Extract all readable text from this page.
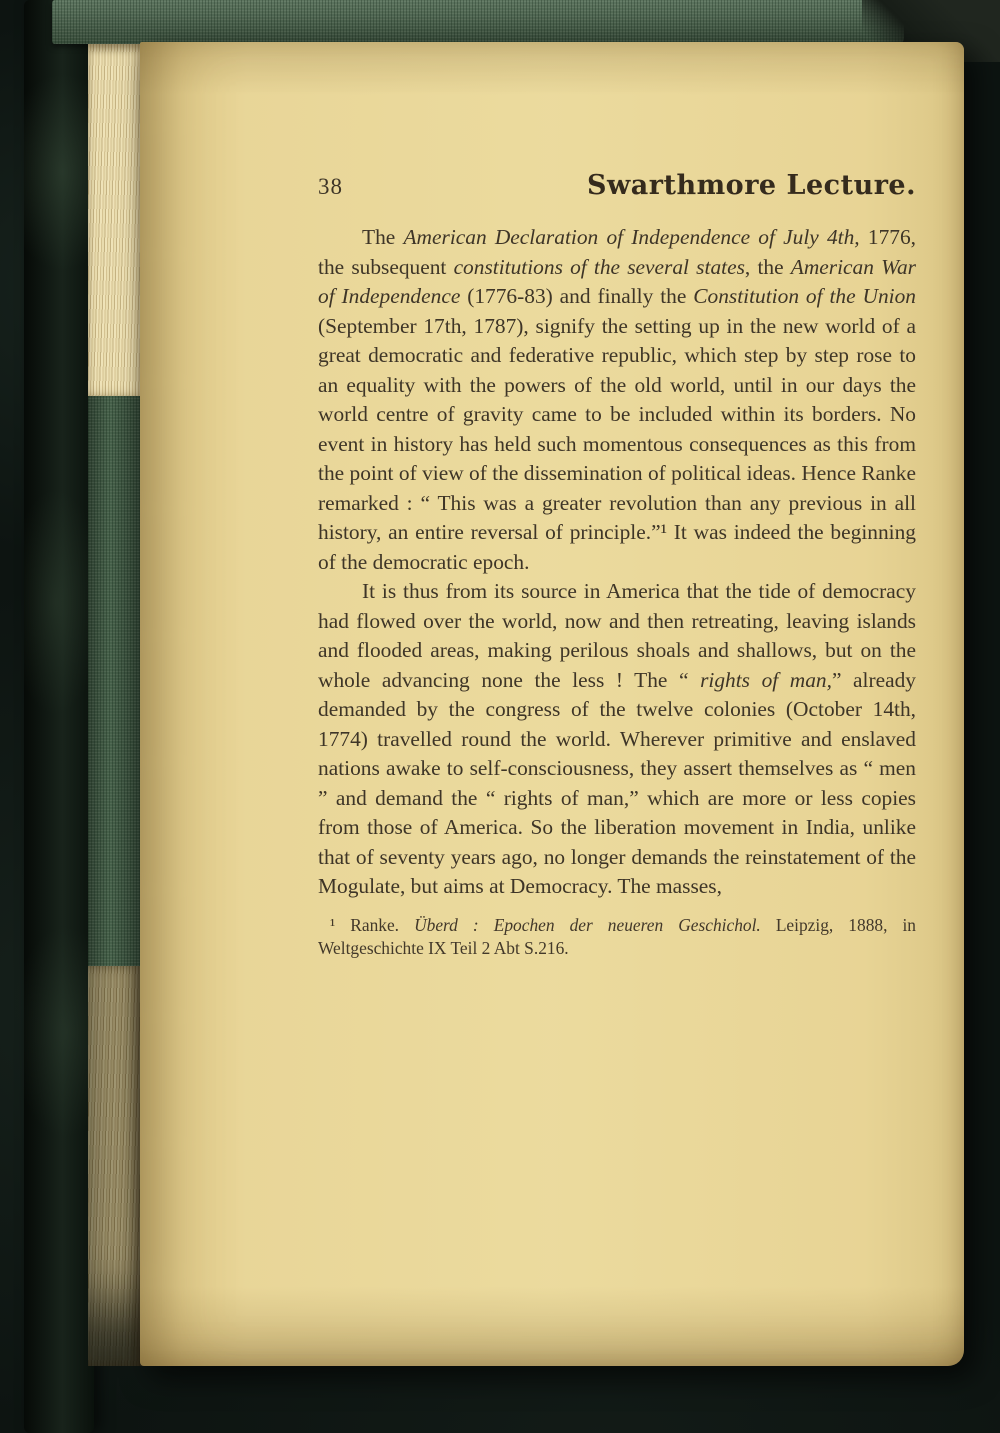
38	Swarthmore Lecture.

The American Declaration of Independence of July 4th, 1776, the subsequent constitutions of the several states, the American War of Independence (1776-83) and finally the Constitution of the Union (September 17th, 1787), signify the setting up in the new world of a great democratic and federative republic, which step by step rose to an equality with the powers of the old world, until in our days the world centre of gravity came to be included within its borders. No event in history has held such momentous consequences as this from the point of view of the dissemination of political ideas. Hence Ranke remarked : “ This was a greater revolution than any previous in all history, an entire reversal of principle.”¹ It was indeed the beginning of the democratic epoch.

It is thus from its source in America that the tide of democracy had flowed over the world, now and then retreating, leaving islands and flooded areas, making perilous shoals and shallows, but on the whole advancing none the less ! The “ rights of man,” already demanded by the congress of the twelve colonies (October 14th, 1774) travelled round the world. Wherever primitive and enslaved nations awake to self-consciousness, they assert themselves as “ men ” and demand the “ rights of man,” which are more or less copies from those of America. So the liberation movement in India, unlike that of seventy years ago, no longer demands the reinstatement of the Mogulate, but aims at Democracy. The masses,

¹ Ranke. Überd : Epochen der neueren Geschichol. Leipzig, 1888, in Weltgeschichte IX Teil 2 Abt S.216.
